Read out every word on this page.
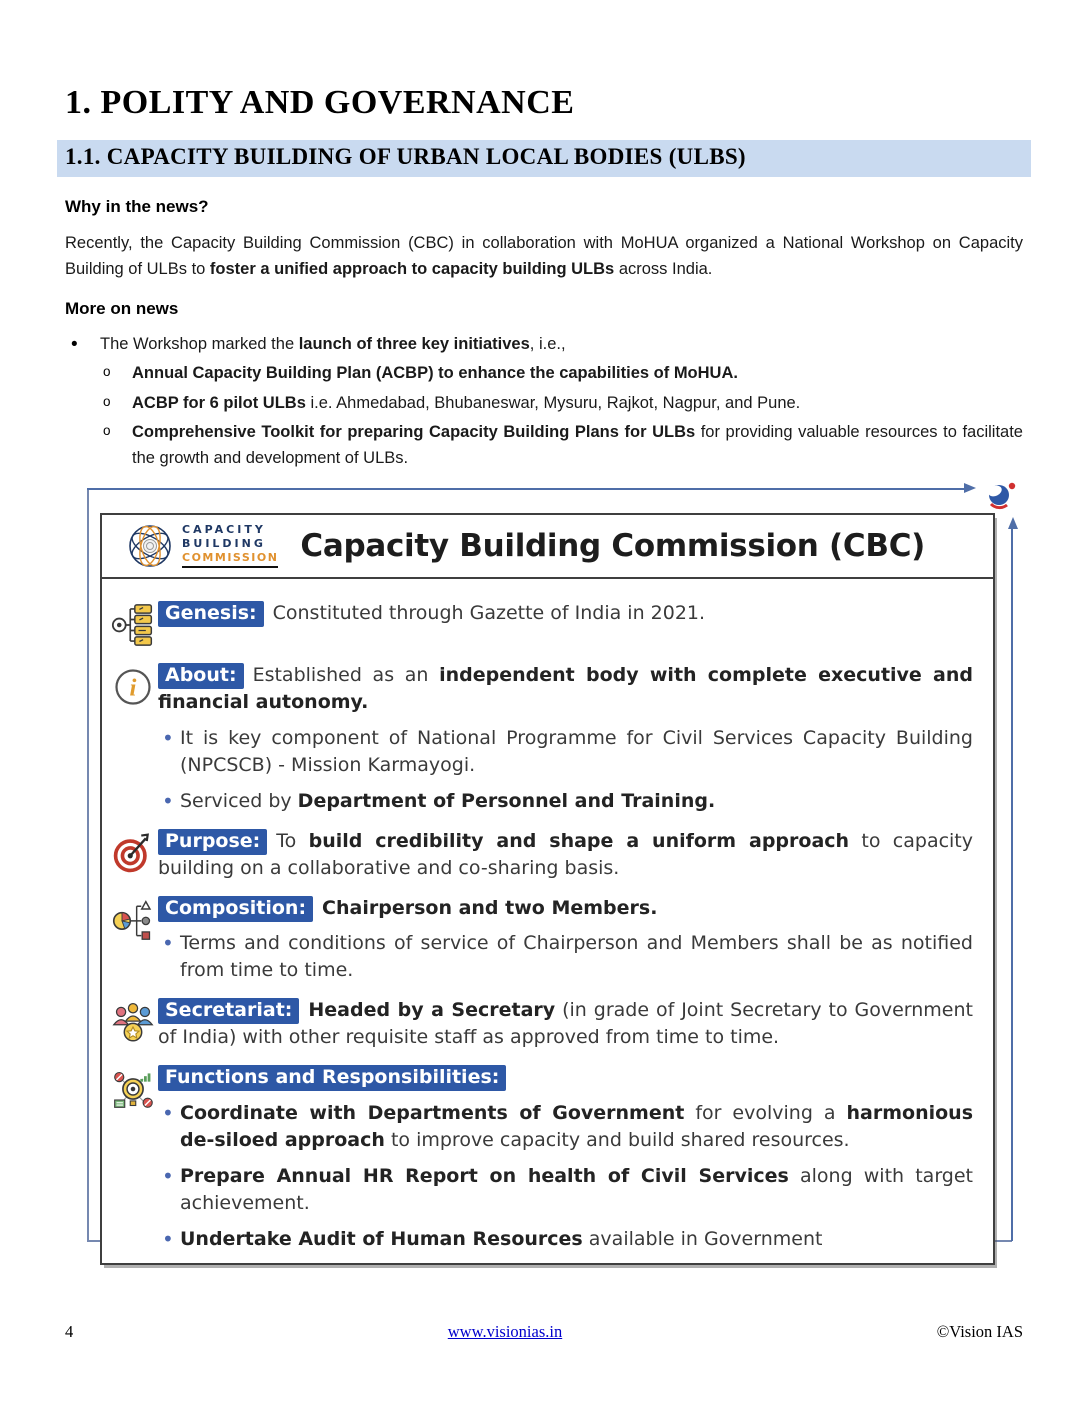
1. POLITY AND GOVERNANCE
1.1. CAPACITY BUILDING OF URBAN LOCAL BODIES (ULBS)
Why in the news?

Recently, the Capacity Building Commission (CBC) in collaboration with MoHUA organized a National Workshop on Capacity Building of ULBs to foster a unified approach to capacity building ULBs across India.

More on news
• The Workshop marked the launch of three key initiatives, i.e.,
o Annual Capacity Building Plan (ACBP) to enhance the capabilities of MoHUA.
o ACBP for 6 pilot ULBs i.e. Ahmedabad, Bhubaneswar, Mysuru, Rajkot, Nagpur, and Pune.
o Comprehensive Toolkit for preparing Capacity Building Plans for ULBs for providing valuable resources to facilitate the growth and development of ULBs.
CAPACITY
BUILDING
COMMISSION Capacity Building Commission (CBC)

Genesis: Constituted through Gazette of India in 2021.

i	About: Established as an independent body with complete executive and financial autonomy.

• It is key component of National Programme for Civil Services Capacity Building (NPCSCB) - Mission Karmayogi.
• Serviced by Department of Personnel and Training.

Purpose: To build credibility and shape a uniform approach to capacity building on a collaborative and co-sharing basis.

Composition: Chairperson and two Members.

• Terms and conditions of service of Chairperson and Members shall be as notified from time to time.

Secretariat: Headed by a Secretary (in grade of Joint Secretary to Government of India) with other requisite staff as approved from time to time.

Functions and Responsibilities:

• Coordinate with Departments of Government for evolving a harmonious de-siloed approach to improve capacity and build shared resources.
• Prepare Annual HR Report on health of Civil Services along with target achievement.
• Undertake Audit of Human Resources available in Government
4	www.visionias.in	©Vision IAS
